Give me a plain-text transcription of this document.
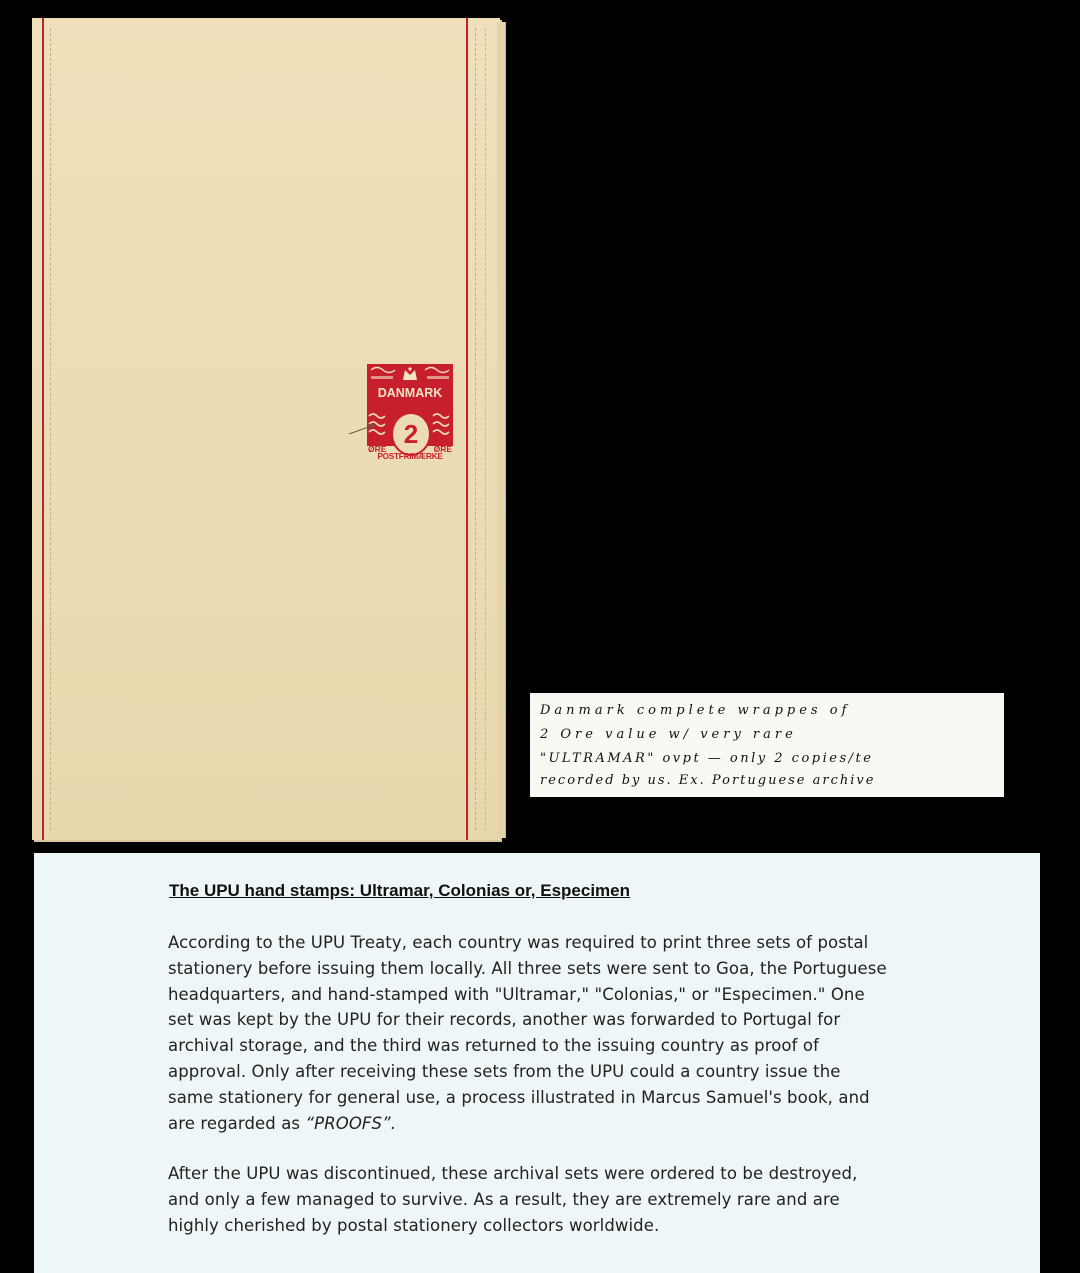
DANMARK
2
ØRE	ØRE
POSTFRIMÆRKE
Danmark complete wrappes of
2 Ore value w/ very rare
"ULTRAMAR" ovpt — only 2 copies/te
recorded by us. Ex. Portuguese archive
The UPU hand stamps: Ultramar, Colonias or, Especimen
According to the UPU Treaty, each country was required to print three sets of postal stationery before issuing them locally. All three sets were sent to Goa, the Portuguese headquarters, and hand-stamped with "Ultramar," "Colonias," or "Especimen." One set was kept by the UPU for their records, another was forwarded to Portugal for archival storage, and the third was returned to the issuing country as proof of approval. Only after receiving these sets from the UPU could a country issue the same stationery for general use, a process illustrated in Marcus Samuel's book, and are regarded as “PROOFS”.
After the UPU was discontinued, these archival sets were ordered to be destroyed, and only a few managed to survive. As a result, they are extremely rare and are highly cherished by postal stationery collectors worldwide.
